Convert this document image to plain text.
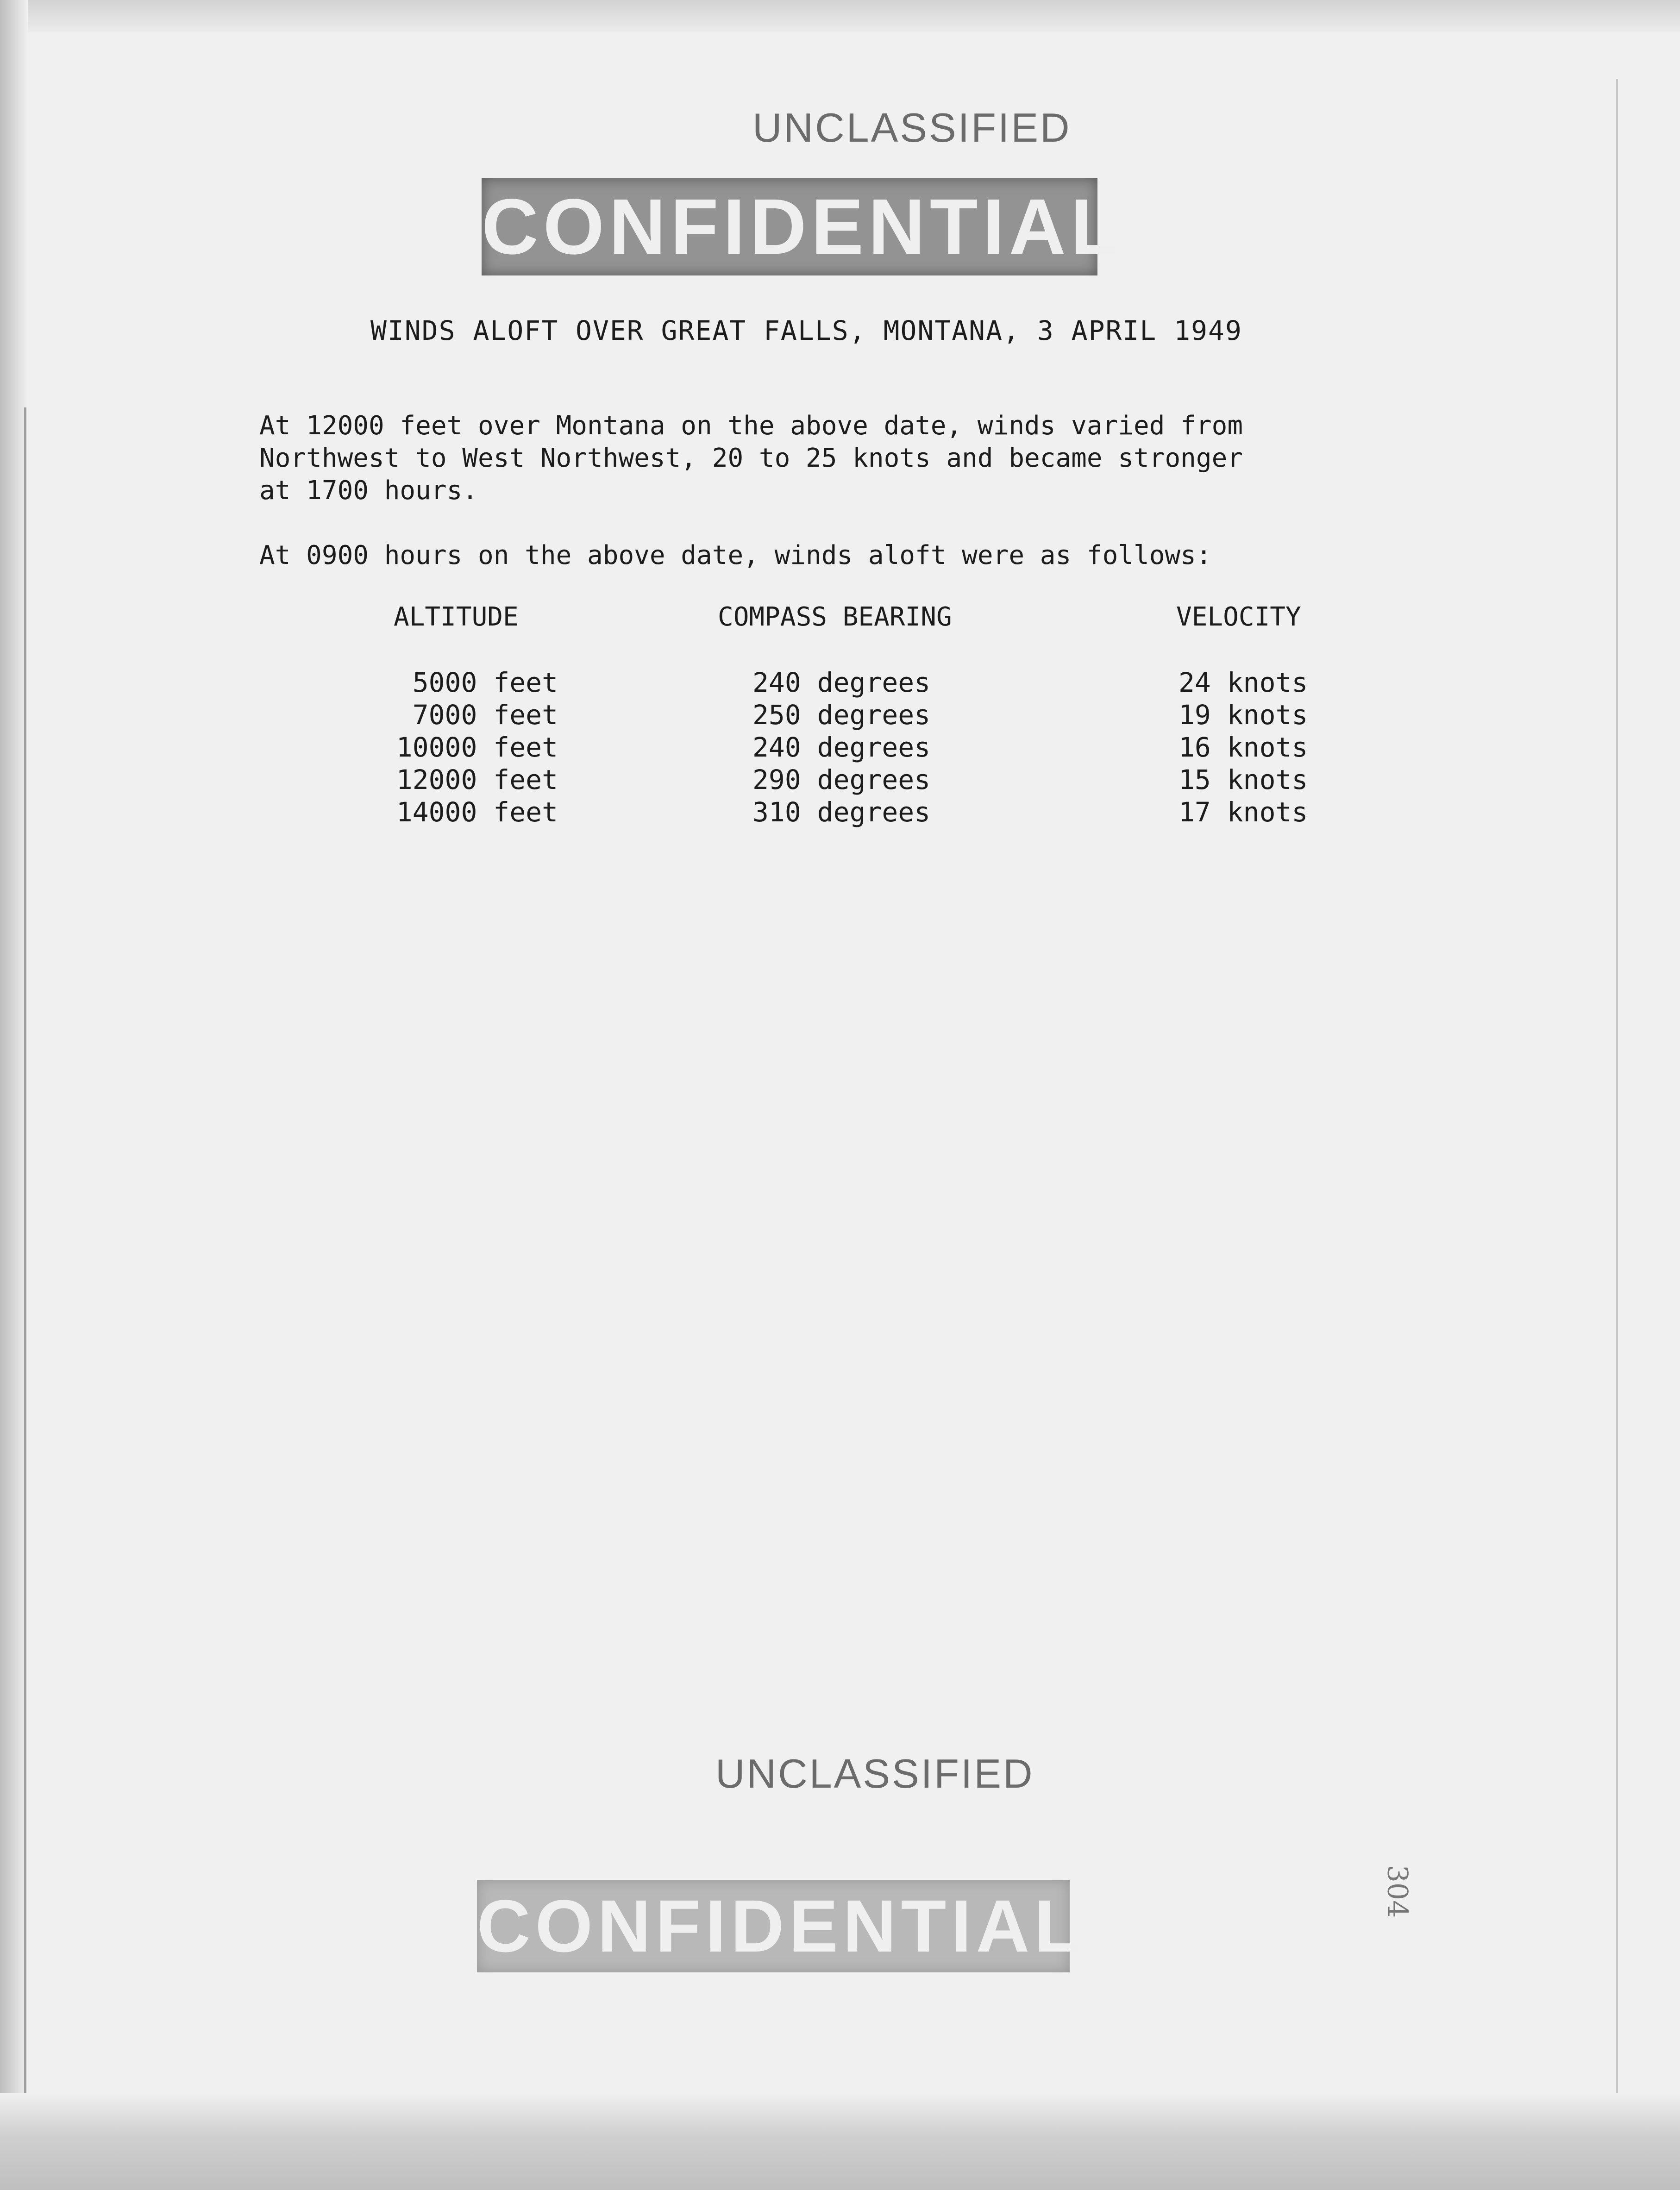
UNCLASSIFIED
CONFIDENTIAL
WINDS ALOFT OVER GREAT FALLS, MONTANA, 3 APRIL 1949

At 12000 feet over Montana on the above date, winds varied from
Northwest to West Northwest, 20 to 25 knots and became stronger
at 1700 hours.

At 0900 hours on the above date, winds aloft were as follows:

ALTITUDE	COMPASS BEARING	VELOCITY
5000 feet	240 degrees	24 knots
7000 feet	250 degrees	19 knots
10000 feet	240 degrees	16 knots
12000 feet	290 degrees	15 knots
14000 feet	310 degrees	17 knots
UNCLASSIFIED
CONFIDENTIAL	304
